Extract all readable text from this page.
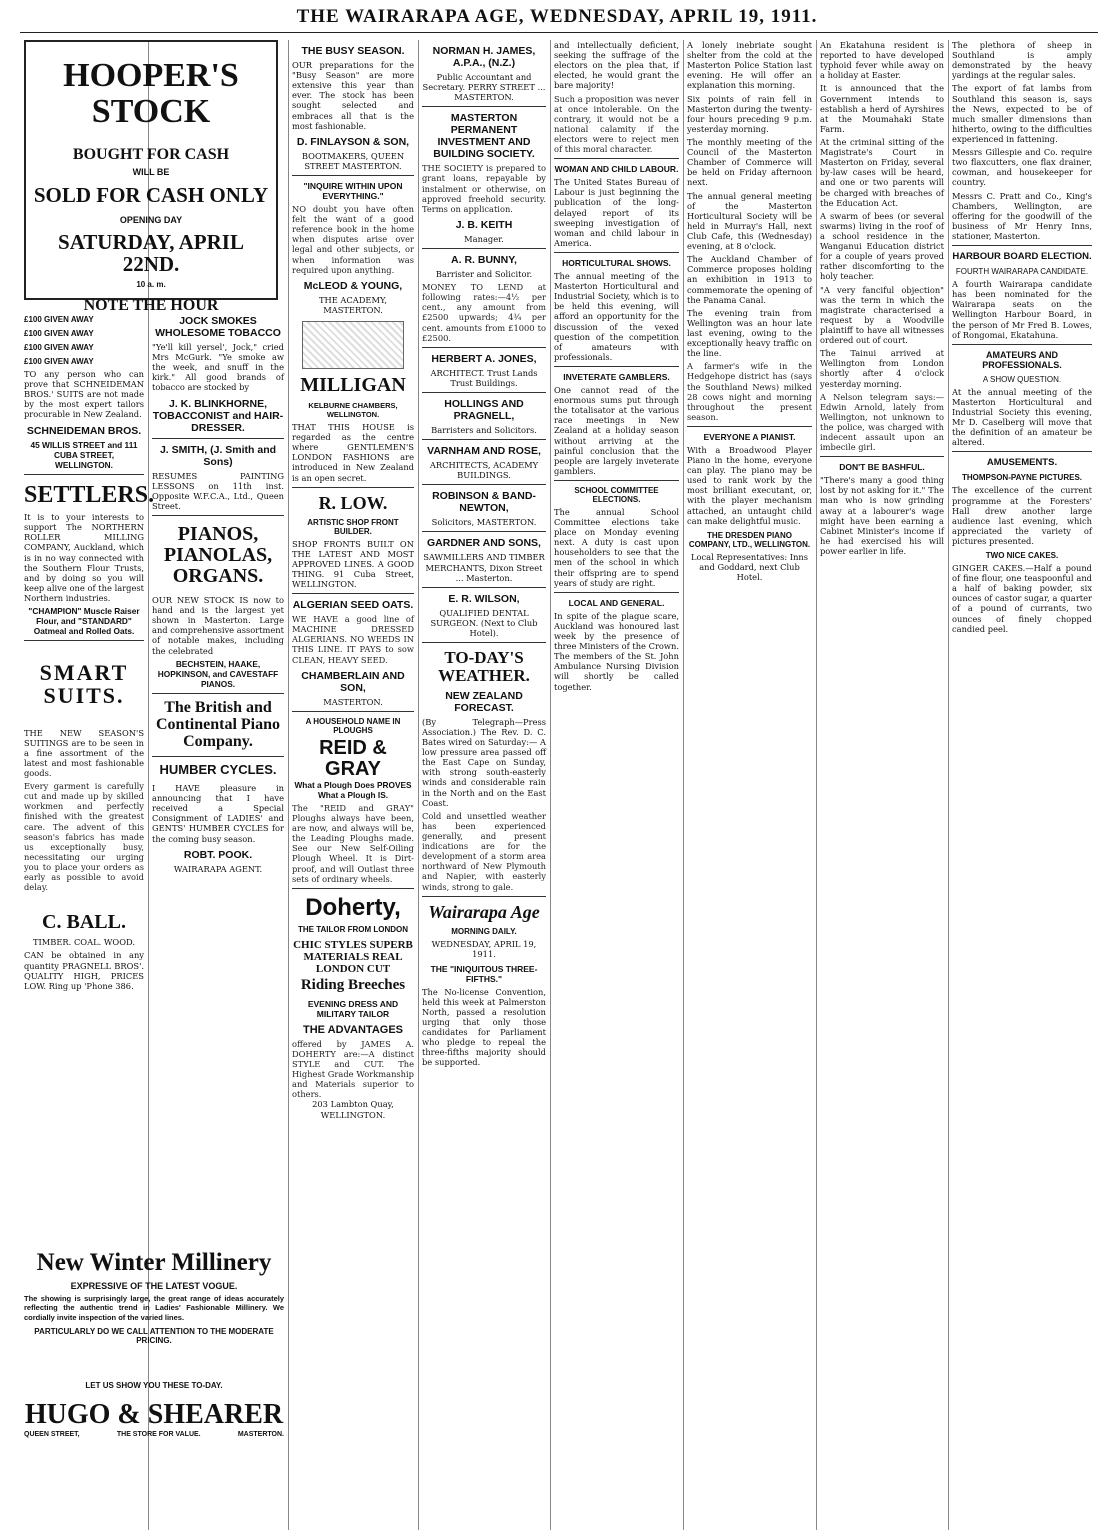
THE WAIRARAPA AGE, WEDNESDAY, APRIL 19, 1911.
HOOPER'S STOCK
BOUGHT FOR CASH
WILL BE
SOLD FOR CASH ONLY
OPENING DAY
SATURDAY, APRIL 22ND.
10 a. m.
NOTE THE HOUR
£100 GIVEN AWAY
£100 GIVEN AWAY
£100 GIVEN AWAY
£100 GIVEN AWAY

TO any person who can prove that SCHNEIDEMAN BROS.' SUITS are not made by the most expert tailors procurable in New Zealand.

SCHNEIDEMAN BROS.

45 WILLIS STREET and 111 CUBA STREET, WELLINGTON.

SETTLERS.

It is to your interests to support The NORTHERN ROLLER MILLING COMPANY, Auckland, which is in no way connected with the Southern Flour Trusts, and by doing so you will keep alive one of the largest Northern industries.

"CHAMPION" Muscle Raiser Flour, and "STANDARD" Oatmeal and Rolled Oats.

SMART SUITS.

THE NEW SEASON'S SUITINGS are to be seen in a fine assortment of the latest and most fashionable goods.

Every garment is carefully cut and made up by skilled workmen and perfectly finished with the greatest care. The advent of this season's fabrics has made us exceptionally busy, necessitating our urging you to place your orders as early as possible to avoid delay.
C. BALL.

TIMBER. COAL. WOOD.

CAN be obtained in any quantity PRAGNELL BROS'. QUALITY HIGH, PRICES LOW. Ring up 'Phone 386.

JOCK SMOKES WHOLESOME TOBACCO

"Ye'll kill yersel', Jock," cried Mrs McGurk. "Ye smoke aw the week, and snuff in the kirk." All good brands of tobacco are stocked by

J. K. BLINKHORNE, TOBACCONIST and HAIR-DRESSER.
J. SMITH, (J. Smith and Sons)

RESUMES PAINTING LESSONS on 11th inst. Opposite W.F.C.A., Ltd., Queen Street.

PIANOS, PIANOLAS, ORGANS.

OUR NEW STOCK IS now to hand and is the largest yet shown in Masterton. Large and comprehensive assortment of notable makes, including the celebrated

BECHSTEIN, HAAKE, HOPKINSON, and CAVESTAFF PIANOS.

The British and Continental Piano Company.
HUMBER CYCLES.

I HAVE pleasure in announcing that I have received a Special Consignment of LADIES' and GENTS' HUMBER CYCLES for the coming busy season.

ROBT. POOK.

WAIRARAPA AGENT.

New Winter Millinery
EXPRESSIVE OF THE LATEST VOGUE.

The showing is surprisingly large, the great range of ideas accurately reflecting the authentic trend in Ladies' Fashionable Millinery. We cordially invite inspection of the varied lines.

PARTICULARLY DO WE CALL ATTENTION TO THE MODERATE PRICING.
LET US SHOW YOU THESE TO-DAY.
HUGO & SHEARER
QUEEN STREET,	THE STORE FOR VALUE.	MASTERTON.
THE BUSY SEASON.

OUR preparations for the "Busy Season" are more extensive this year than ever. The stock has been sought selected and embraces all that is the most fashionable.

D. FINLAYSON & SON,

BOOTMAKERS, QUEEN STREET MASTERTON.

"INQUIRE WITHIN UPON EVERYTHING."
NO doubt you have often felt the want of a good reference book in the home when disputes arise over legal and other subjects, or when information was required upon anything.
McLEOD & YOUNG,

THE ACADEMY, MASTERTON.

MILLIGAN
KELBURNE CHAMBERS, WELLINGTON.

THAT THIS HOUSE is regarded as the centre where GENTLEMEN'S LONDON FASHIONS are introduced in New Zealand is an open secret.

R. LOW.
ARTISTIC SHOP FRONT BUILDER.

SHOP FRONTS BUILT ON THE LATEST AND MOST APPROVED LINES. A GOOD THING. 91 Cuba Street, WELLINGTON.

ALGERIAN SEED OATS.
WE HAVE a good line of MACHINE DRESSED ALGERIANS. NO WEEDS IN THIS LINE. IT PAYS to sow CLEAN, HEAVY SEED.
CHAMBERLAIN AND SON,

MASTERTON.

A HOUSEHOLD NAME IN PLOUGHS
REID & GRAY

What a Plough Does PROVES What a Plough IS.

The "REID and GRAY" Ploughs always have been, are now, and always will be, the Leading Ploughs made. See our New Self-Oiling Plough Wheel. It is Dirt-proof, and will Outlast three sets of ordinary wheels.
Doherty,
THE TAILOR FROM LONDON
CHIC STYLES SUPERB MATERIALS REAL LONDON CUT
Riding Breeches
EVENING DRESS AND MILITARY TAILOR
THE ADVANTAGES
offered by JAMES A. DOHERTY are:—A distinct STYLE and CUT. The Highest Grade Workmanship and Materials superior to others.

203 Lambton Quay, WELLINGTON.

NORMAN H. JAMES, A.P.A., (N.Z.)

Public Accountant and Secretary. PERRY STREET ... MASTERTON.

MASTERTON PERMANENT INVESTMENT AND BUILDING SOCIETY.
THE SOCIETY is prepared to grant loans, repayable by instalment or otherwise, on approved freehold security. Terms on application.
J. B. KEITH

Manager.

A. R. BUNNY,

Barrister and Solicitor.

MONEY TO LEND at following rates:—4½ per cent., any amount from £2500 upwards; 4¾ per cent. amounts from £1000 to £2500.
HERBERT A. JONES,

ARCHITECT. Trust Lands Trust Buildings.

HOLLINGS AND PRAGNELL,

Barristers and Solicitors.

VARNHAM AND ROSE,

ARCHITECTS, ACADEMY BUILDINGS.

ROBINSON & BAND-NEWTON,

Solicitors, MASTERTON.

GARDNER AND SONS,

SAWMILLERS AND TIMBER MERCHANTS, Dixon Street ... Masterton.

E. R. WILSON,

QUALIFIED DENTAL SURGEON. (Next to Club Hotel).

TO-DAY'S WEATHER.
NEW ZEALAND FORECAST.

(By Telegraph—Press Association.) The Rev. D. C. Bates wired on Saturday:— A low pressure area passed off the East Cape on Sunday, with strong south-easterly winds and considerable rain in the North and on the East Coast.

Cold and unsettled weather has been experienced generally, and present indications are for the development of a storm area northward of New Plymouth and Napier, with easterly winds, strong to gale.
Wairarapa Age
MORNING DAILY.

WEDNESDAY, APRIL 19, 1911.

THE "INIQUITOUS THREE-FIFTHS."

The No-license Convention, held this week at Palmerston North, passed a resolution urging that only those candidates for Parliament who pledge to repeal the three-fifths majority should be supported.

and intellectually deficient, seeking the suffrage of the electors on the plea that, if elected, he would grant the bare majority!

Such a proposition was never at once intolerable. On the contrary, it would not be a national calamity if the electors were to reject men of this moral character.
WOMAN AND CHILD LABOUR.

The United States Bureau of Labour is just beginning the publication of the long-delayed report of its sweeping investigation of woman and child labour in America.

HORTICULTURAL SHOWS.

The annual meeting of the Masterton Horticultural and Industrial Society, which is to be held this evening, will afford an opportunity for the discussion of the vexed question of the competition of amateurs with professionals.

INVETERATE GAMBLERS.

One cannot read of the enormous sums put through the totalisator at the various race meetings in New Zealand at a holiday season without arriving at the painful conclusion that the people are largely inveterate gamblers.

SCHOOL COMMITTEE ELECTIONS.

The annual School Committee elections take place on Monday evening next. A duty is cast upon householders to see that the men of the school in which their offspring are to spend years of study are right.

LOCAL AND GENERAL.

In spite of the plague scare, Auckland was honoured last week by the presence of three Ministers of the Crown. The members of the St. John Ambulance Nursing Division will shortly be called together.

A lonely inebriate sought shelter from the cold at the Masterton Police Station last evening. He will offer an explanation this morning.

Six points of rain fell in Masterton during the twenty-four hours preceding 9 p.m. yesterday morning.

The monthly meeting of the Council of the Masterton Chamber of Commerce will be held on Friday afternoon next.

The annual general meeting of the Masterton Horticultural Society will be held in Murray's Hall, next Club Cafe, this (Wednesday) evening, at 8 o'clock.

The Auckland Chamber of Commerce proposes holding an exhibition in 1913 to commemorate the opening of the Panama Canal.

The evening train from Wellington was an hour late last evening, owing to the exceptionally heavy traffic on the line.

A farmer's wife in the Hedgehope district has (says the Southland News) milked 28 cows night and morning throughout the present season.
EVERYONE A PIANIST.

With a Broadwood Player Piano in the home, everyone can play. The piano may be used to rank work by the most brilliant executant, or, with the player mechanism attached, an untaught child can make delightful music.

THE DRESDEN PIANO COMPANY, LTD., WELLINGTON.

Local Representatives: Inns and Goddard, next Club Hotel.

An Ekatahuna resident is reported to have developed typhoid fever while away on a holiday at Easter.

It is announced that the Government intends to establish a herd of Ayrshires at the Moumahaki State Farm.

At the criminal sitting of the Magistrate's Court in Masterton on Friday, several by-law cases will be heard, and one or two parents will be charged with breaches of the Education Act.

A swarm of bees (or several swarms) living in the roof of a school residence in the Wanganui Education district for a couple of years proved rather discomforting to the holy teacher.

"A very fanciful objection" was the term in which the magistrate characterised a request by a Woodville plaintiff to have all witnesses ordered out of court.

The Tainui arrived at Wellington from London shortly after 4 o'clock yesterday morning.

A Nelson telegram says:—Edwin Arnold, lately from Wellington, not unknown to the police, was charged with indecent assault upon an imbecile girl.
DON'T BE BASHFUL.

"There's many a good thing lost by not asking for it." The man who is now grinding away at a labourer's wage might have been earning a Cabinet Minister's income if he had exercised his will power earlier in life.

The plethora of sheep in Southland is amply demonstrated by the heavy yardings at the regular sales.

The export of fat lambs from Southland this season is, says the News, expected to be of much smaller dimensions than hitherto, owing to the difficulties experienced in fattening.

Messrs Gillespie and Co. require two flaxcutters, one flax drainer, cowman, and housekeeper for country.

Messrs C. Pratt and Co., King's Chambers, Wellington, are offering for the goodwill of the business of Mr Henry Inns, stationer, Masterton.

HARBOUR BOARD ELECTION.
FOURTH WAIRARAPA CANDIDATE.

A fourth Wairarapa candidate has been nominated for the Wairarapa seats on the Wellington Harbour Board, in the person of Mr Fred B. Lowes, of Rongomai, Ekatahuna.

AMATEURS AND PROFESSIONALS.
A SHOW QUESTION.

At the annual meeting of the Masterton Horticultural and Industrial Society this evening, Mr D. Caselberg will move that the definition of an amateur be altered.

AMUSEMENTS.
THOMPSON-PAYNE PICTURES.

The excellence of the current programme at the Foresters' Hall drew another large audience last evening, which appreciated the variety of pictures presented.

TWO NICE CAKES.

GINGER CAKES.—Half a pound of fine flour, one teaspoonful and a half of baking powder, six ounces of castor sugar, a quarter of a pound of currants, two ounces of finely chopped candied peel.
